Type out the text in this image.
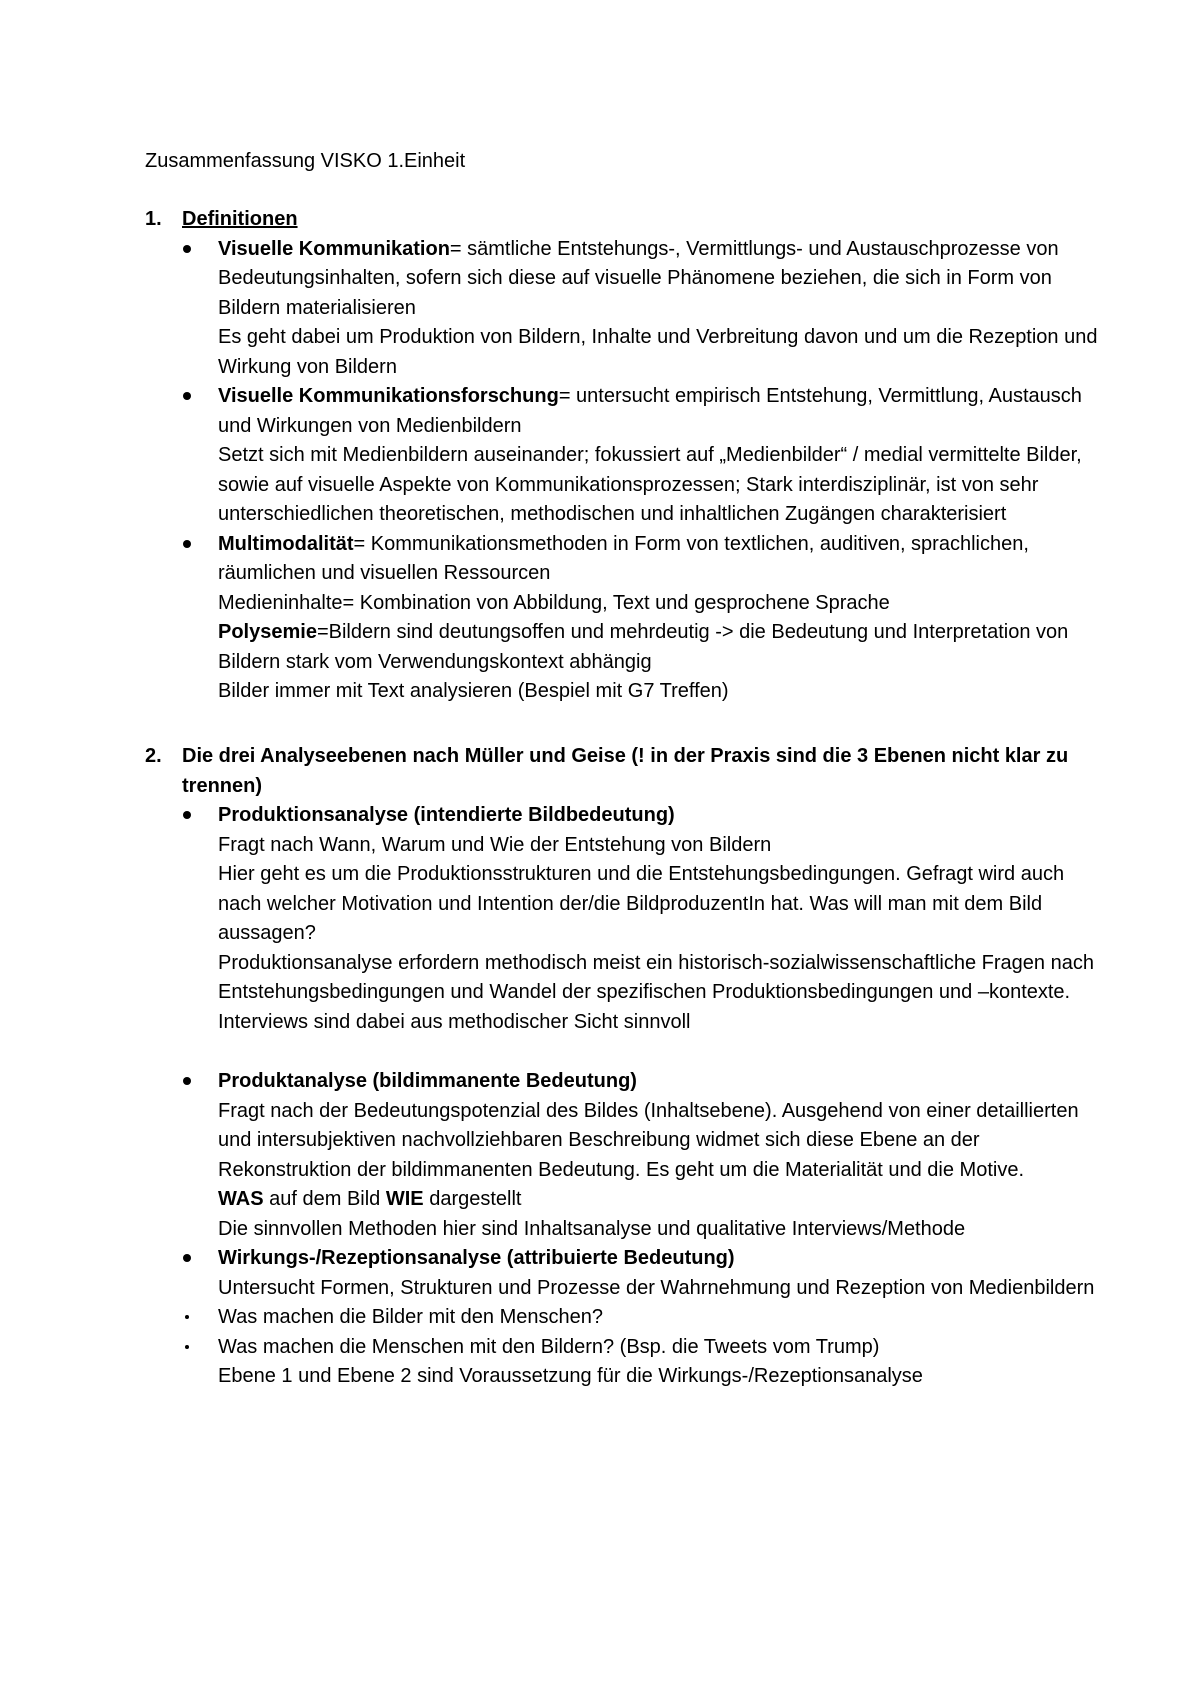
Zusammenfassung VISKO 1.Einheit
1.	Definitionen
Visuelle Kommunikation= sämtliche Entstehungs-, Vermittlungs- und Austauschprozesse von Bedeutungsinhalten, sofern sich diese auf visuelle Phänomene beziehen, die sich in Form von Bildern materialisieren
Es geht dabei um Produktion von Bildern, Inhalte und Verbreitung davon und um die Rezeption und Wirkung von Bildern
Visuelle Kommunikationsforschung= untersucht empirisch Entstehung, Vermittlung, Austausch und Wirkungen von Medienbildern
Setzt sich mit Medienbildern auseinander; fokussiert auf „Medienbilder“ / medial vermittelte Bilder, sowie auf visuelle Aspekte von Kommunikationsprozessen; Stark interdisziplinär, ist von sehr unterschiedlichen theoretischen, methodischen und inhaltlichen Zugängen charakterisiert
Multimodalität= Kommunikationsmethoden in Form von textlichen, auditiven, sprachlichen, räumlichen und visuellen Ressourcen
Medieninhalte= Kombination von Abbildung, Text und gesprochene Sprache
Polysemie=Bildern sind deutungsoffen und mehrdeutig -> die Bedeutung und Interpretation von Bildern stark vom Verwendungskontext abhängig
Bilder immer mit Text analysieren (Bespiel mit G7 Treffen)
2.	Die drei Analyseebenen nach Müller und Geise (! in der Praxis sind die 3 Ebenen nicht klar zu trennen)
Produktionsanalyse (intendierte Bildbedeutung)
Fragt nach Wann, Warum und Wie der Entstehung von Bildern
Hier geht es um die Produktionsstrukturen und die Entstehungsbedingungen. Gefragt wird auch nach welcher Motivation und Intention der/die BildproduzentIn hat. Was will man mit dem Bild aussagen?
Produktionsanalyse erfordern methodisch meist ein historisch-sozialwissenschaftliche Fragen nach Entstehungsbedingungen und Wandel der spezifischen Produktionsbedingungen und –kontexte. Interviews sind dabei aus methodischer Sicht sinnvoll
Produktanalyse (bildimmanente Bedeutung)
Fragt nach der Bedeutungspotenzial des Bildes (Inhaltsebene). Ausgehend von einer detaillierten und intersubjektiven nachvollziehbaren Beschreibung widmet sich diese Ebene an der Rekonstruktion der bildimmanenten Bedeutung. Es geht um die Materialität und die Motive.
WAS auf dem Bild WIE dargestellt
Die sinnvollen Methoden hier sind Inhaltsanalyse und qualitative Interviews/Methode
Wirkungs-/Rezeptionsanalyse (attribuierte Bedeutung)
Untersucht Formen, Strukturen und Prozesse der Wahrnehmung und Rezeption von Medienbildern
Was machen die Bilder mit den Menschen?
Was machen die Menschen mit den Bildern? (Bsp. die Tweets vom Trump)
Ebene 1 und Ebene 2 sind Voraussetzung für die Wirkungs-/Rezeptionsanalyse
